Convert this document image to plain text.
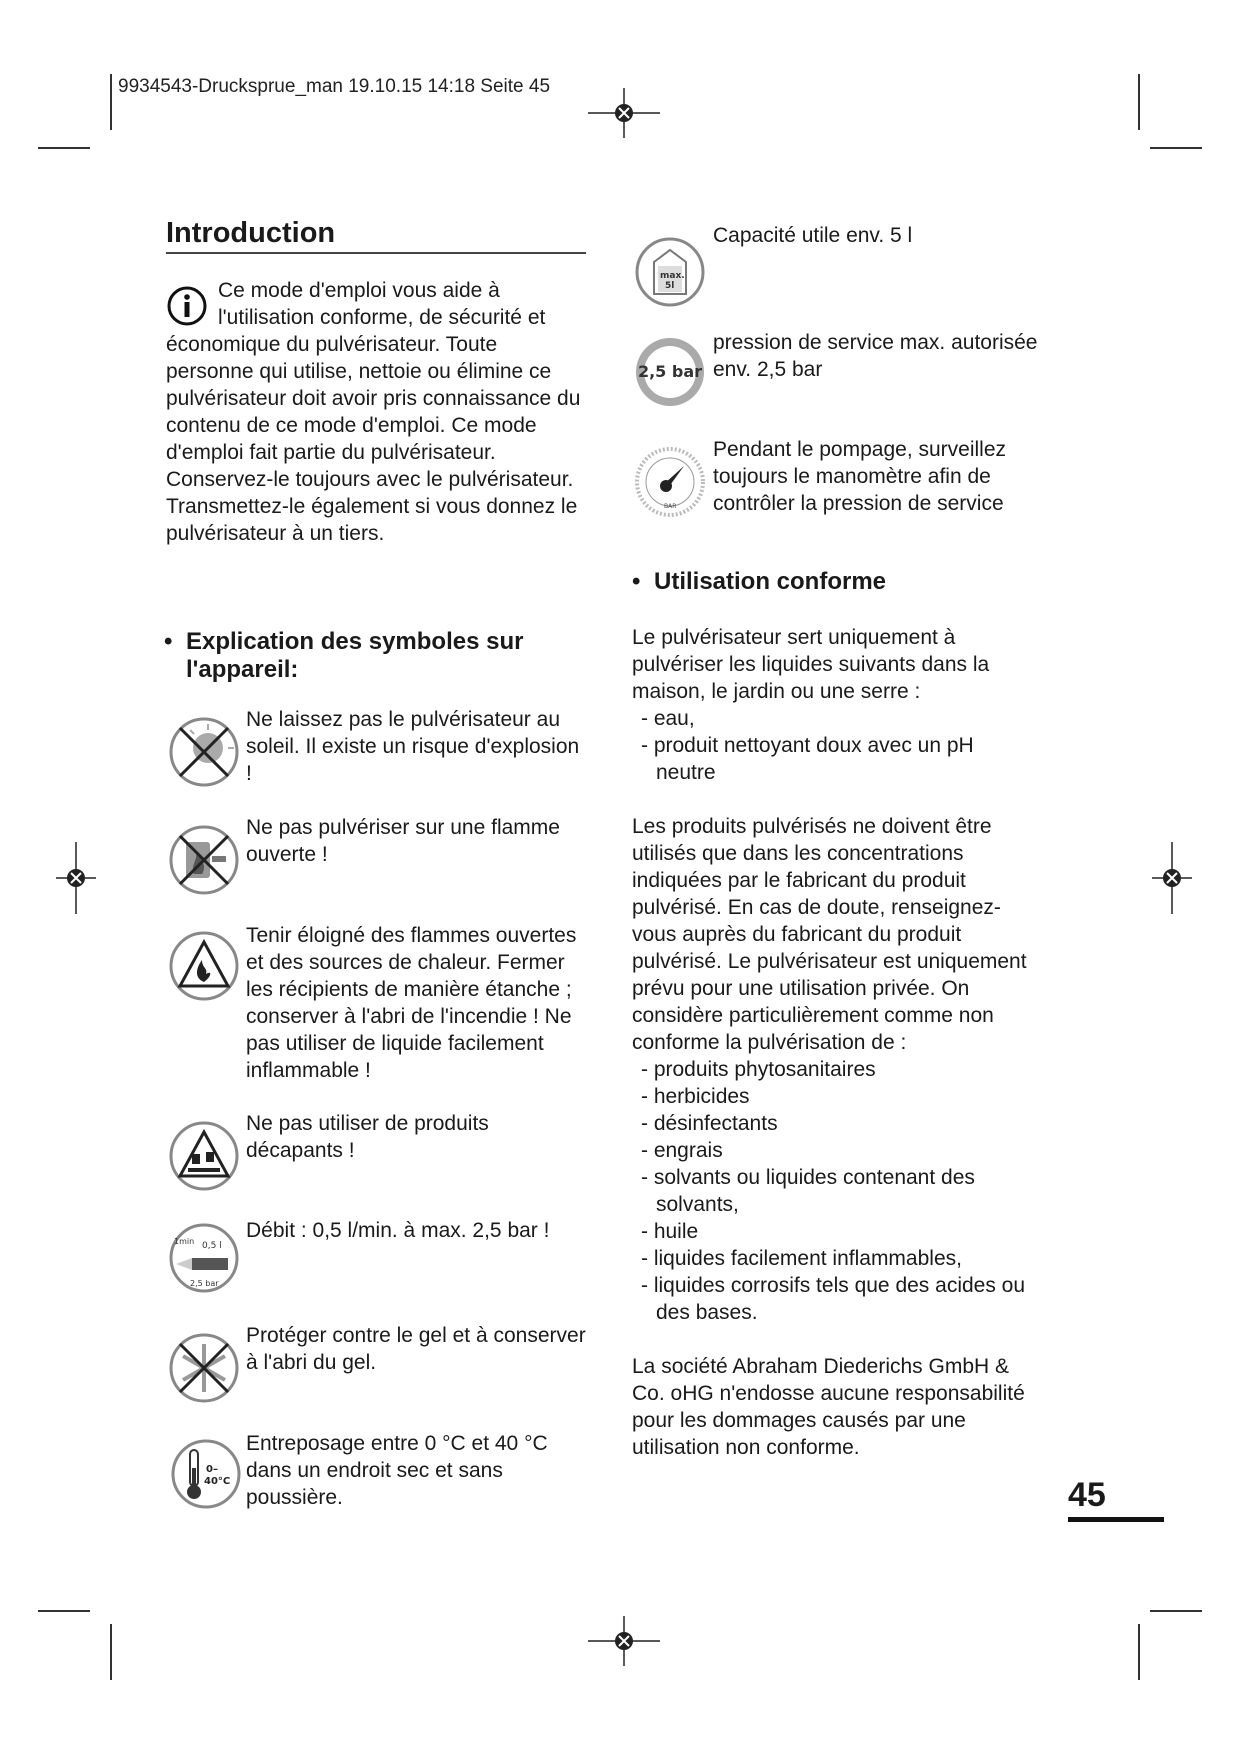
9934543-Druckspruе_man 19.10.15 14:18 Seite 45
Introduction
Ce mode d'emploi vous aide à l'utilisation conforme, de sécurité et économique du pulvérisateur. Toute personne qui utilise, nettoie ou élimine ce pulvérisateur doit avoir pris connaissance du contenu de ce mode d'emploi. Ce mode d'emploi fait partie du pulvérisateur. Conservez-le toujours avec le pulvérisateur. Transmettez-le également si vous donnez le pulvérisateur à un tiers.
• Explication des symboles sur l'appareil:
Ne laissez pas le pulvérisateur au soleil. Il existe un risque d'explosion !
Ne pas pulvériser sur une flamme ouverte !
Tenir éloigné des flammes ouvertes et des sources de chaleur. Fermer les récipients de manière étanche ; conserver à l'abri de l'incendie ! Ne pas utiliser de liquide facilement inflammable !
Ne pas utiliser de produits décapants !
1min 0,5 l
2,5 bar
Débit : 0,5 l/min. à max. 2,5 bar !
Protéger contre le gel et à conserver à l'abri du gel.
0–
40°C
Entreposage entre 0 °C et 40 °C dans un endroit sec et sans poussière.
max.
5l
Capacité utile env. 5 l
2,5 bar
pression de service max. autorisée env. 2,5 bar
BAR
Pendant le pompage, surveillez toujours le manomètre afin de contrôler la pression de service
• Utilisation conforme
Le pulvérisateur sert uniquement à pulvériser les liquides suivants dans la maison, le jardin ou une serre :
- eau,
- produit nettoyant doux avec un pH neutre
Les produits pulvérisés ne doivent être utilisés que dans les concentrations indiquées par le fabricant du produit pulvérisé. En cas de doute, renseignez-vous auprès du fabricant du produit pulvérisé. Le pulvérisateur est uniquement prévu pour une utilisation privée. On considère particulièrement comme non conforme la pulvérisation de :
- produits phytosanitaires
- herbicides
- désinfectants
- engrais
- solvants ou liquides contenant des solvants,
- huile
- liquides facilement inflammables,
- liquides corrosifs tels que des acides ou des bases.
La société Abraham Diederichs GmbH & Co. oHG n'endosse aucune responsabilité pour les dommages causés par une utilisation non conforme.
45
